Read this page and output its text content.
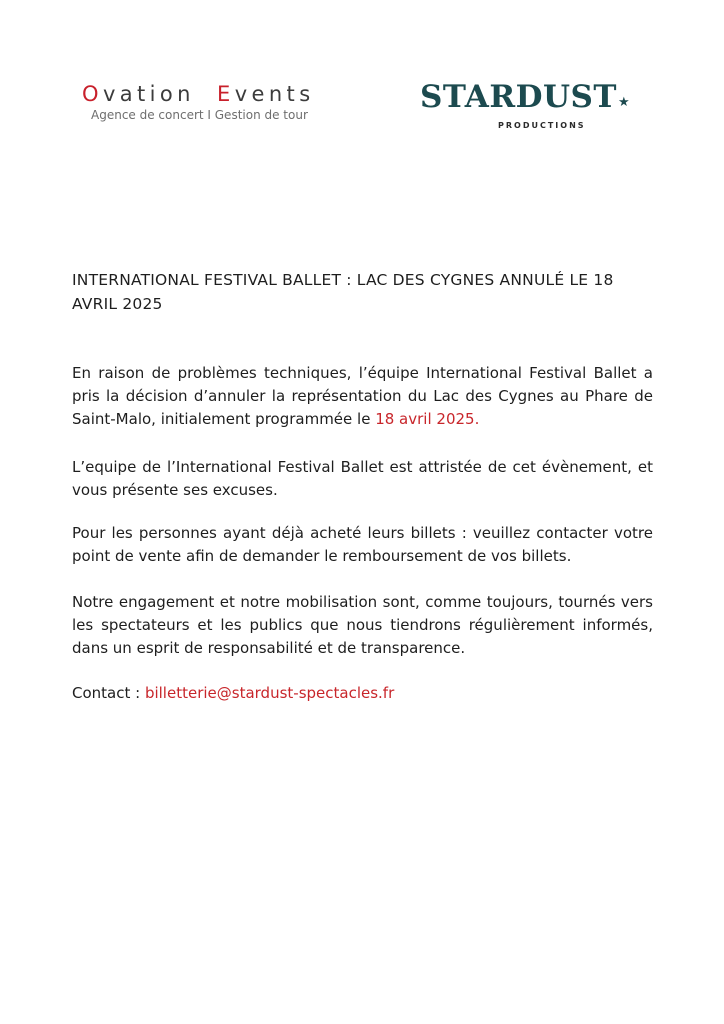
Ovation Events
Agence de concert I Gestion de tour	STARDUST★
PRODUCTIONS
INTERNATIONAL FESTIVAL BALLET : LAC DES CYGNES ANNULÉ LE 18 AVRIL 2025

En raison de problèmes techniques, l’équipe International Festival Ballet a pris la décision d’annuler la représentation du Lac des Cygnes au Phare de Saint-Malo, initialement programmée le 18 avril 2025.

L’equipe de l’International Festival Ballet est attristée de cet évènement, et vous présente ses excuses.

Pour les personnes ayant déjà acheté leurs billets : veuillez contacter votre point de vente afin de demander le remboursement de vos billets.

Notre engagement et notre mobilisation sont, comme toujours, tournés vers les spectateurs et les publics que nous tiendrons régulièrement informés, dans un esprit de responsabilité et de transparence.

Contact : billetterie@stardust-spectacles.fr
